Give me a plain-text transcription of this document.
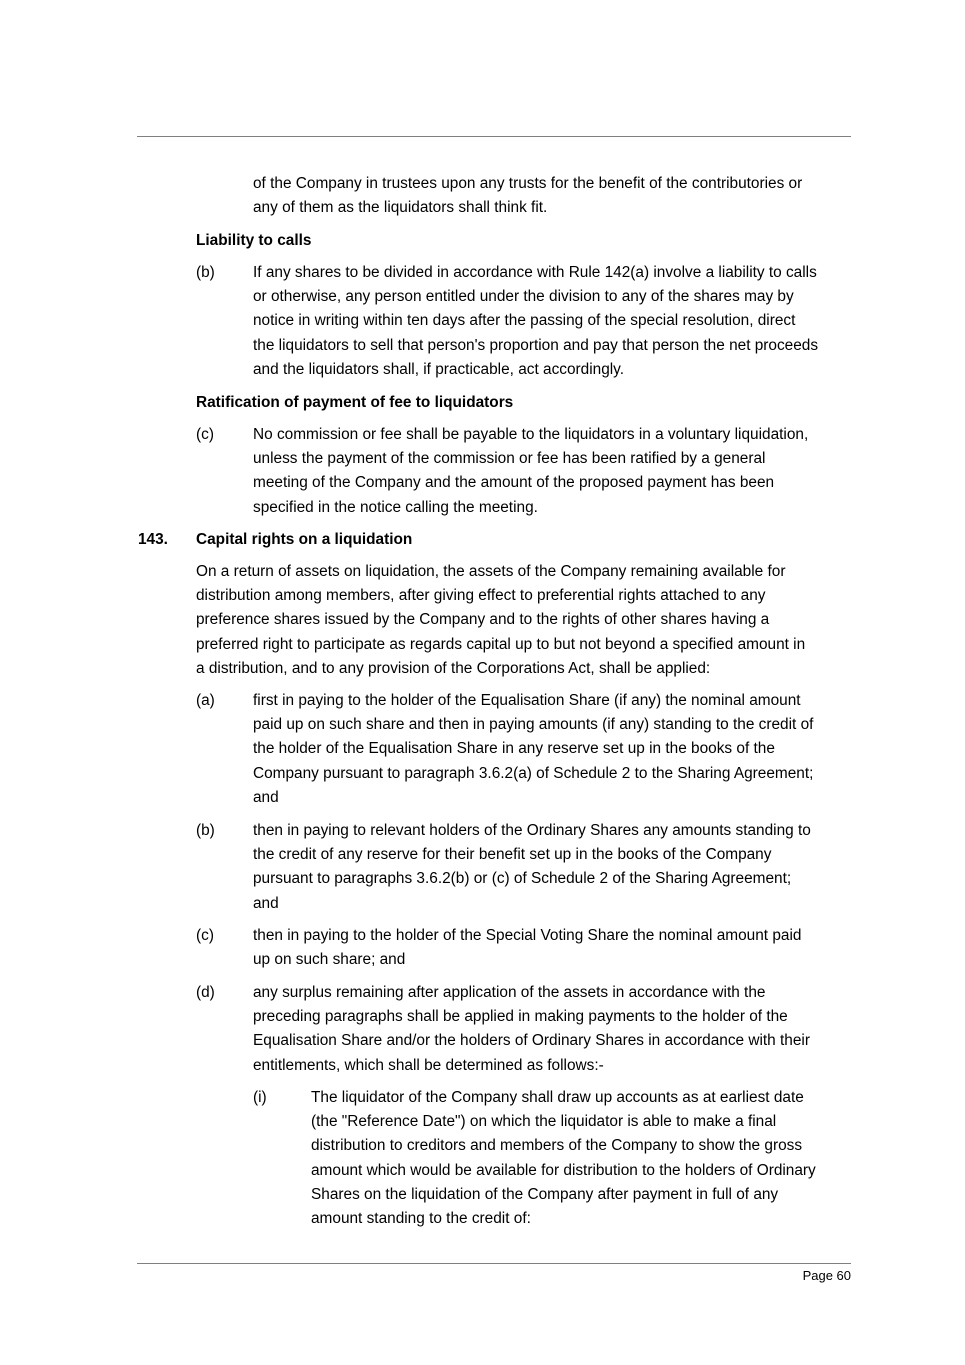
of the Company in trustees upon any trusts for the benefit of the contributories or
any of them as the liquidators shall think fit.
Liability to calls
(b) If any shares to be divided in accordance with Rule 142(a) involve a liability to calls
or otherwise, any person entitled under the division to any of the shares may by
notice in writing within ten days after the passing of the special resolution, direct
the liquidators to sell that person's proportion and pay that person the net proceeds
and the liquidators shall, if practicable, act accordingly.
Ratification of payment of fee to liquidators
(c)	No commission or fee shall be payable to the liquidators in a voluntary liquidation,
unless the payment of the commission or fee has been ratified by a general
meeting of the Company and the amount of the proposed payment has been
specified in the notice calling the meeting.
143. Capital rights on a liquidation
On a return of assets on liquidation, the assets of the Company remaining available for
distribution among members, after giving effect to preferential rights attached to any
preference shares issued by the Company and to the rights of other shares having a
preferred right to participate as regards capital up to but not beyond a specified amount in
a distribution, and to any provision of the Corporations Act, shall be applied:
(a) first in paying to the holder of the Equalisation Share (if any) the nominal amount
paid up on such share and then in paying amounts (if any) standing to the credit of
the holder of the Equalisation Share in any reserve set up in the books of the
Company pursuant to paragraph 3.6.2(a) of Schedule 2 to the Sharing Agreement;
and
(b) then in paying to relevant holders of the Ordinary Shares any amounts standing to
the credit of any reserve for their benefit set up in the books of the Company
pursuant to paragraphs 3.6.2(b) or (c) of Schedule 2 of the Sharing Agreement;
and
(c)	then in paying to the holder of the Special Voting Share the nominal amount paid
up on such share; and
(d) any surplus remaining after application of the assets in accordance with the
preceding paragraphs shall be applied in making payments to the holder of the
Equalisation Share and/or the holders of Ordinary Shares in accordance with their
entitlements, which shall be determined as follows:-
(i)	The liquidator of the Company shall draw up accounts as at earliest date
(the "Reference Date") on which the liquidator is able to make a final
distribution to creditors and members of the Company to show the gross
amount which would be available for distribution to the holders of Ordinary
Shares on the liquidation of the Company after payment in full of any
amount standing to the credit of:
Page 60
